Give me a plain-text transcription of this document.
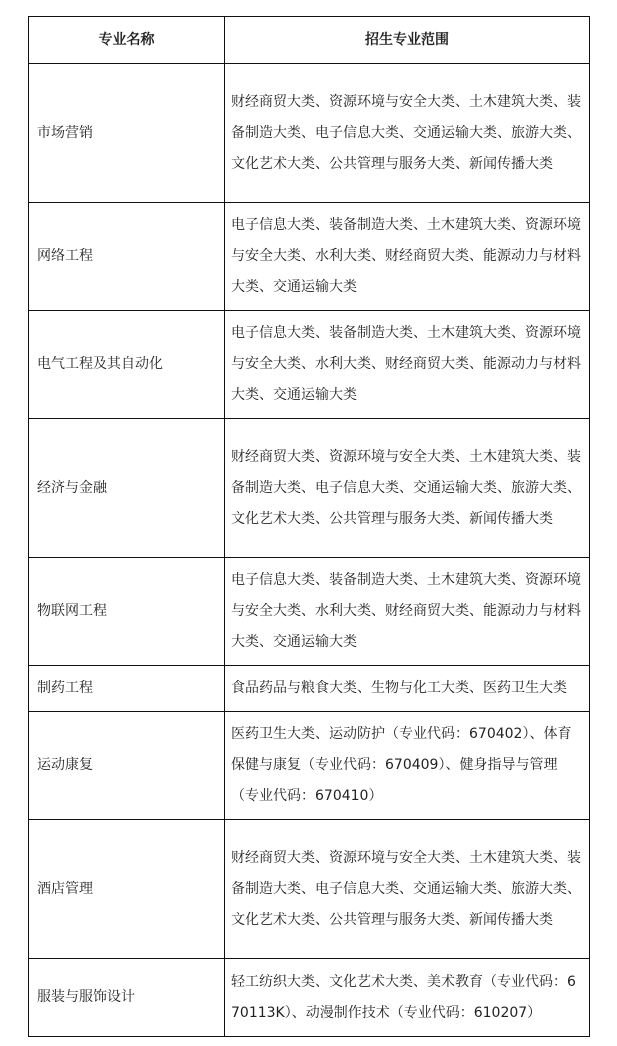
专业名称	招生专业范围
市场营销	财经商贸大类、资源环境与安全大类、土木建筑大类、装备制造大类、电子信息大类、交通运输大类、旅游大类、文化艺术大类、公共管理与服务大类、新闻传播大类
网络工程	电子信息大类、装备制造大类、土木建筑大类、资源环境与安全大类、水利大类、财经商贸大类、能源动力与材料大类、交通运输大类
电气工程及其自动化	电子信息大类、装备制造大类、土木建筑大类、资源环境与安全大类、水利大类、财经商贸大类、能源动力与材料大类、交通运输大类
经济与金融	财经商贸大类、资源环境与安全大类、土木建筑大类、装备制造大类、电子信息大类、交通运输大类、旅游大类、文化艺术大类、公共管理与服务大类、新闻传播大类
物联网工程	电子信息大类、装备制造大类、土木建筑大类、资源环境与安全大类、水利大类、财经商贸大类、能源动力与材料大类、交通运输大类
制药工程	食品药品与粮食大类、生物与化工大类、医药卫生大类
运动康复	医药卫生大类、运动防护（专业代码：670402）、体育保健与康复（专业代码：670409）、健身指导与管理（专业代码：670410）
酒店管理	财经商贸大类、资源环境与安全大类、土木建筑大类、装备制造大类、电子信息大类、交通运输大类、旅游大类、文化艺术大类、公共管理与服务大类、新闻传播大类
服装与服饰设计	轻工纺织大类、文化艺术大类、美术教育（专业代码：670113K）、动漫制作技术（专业代码：610207）
